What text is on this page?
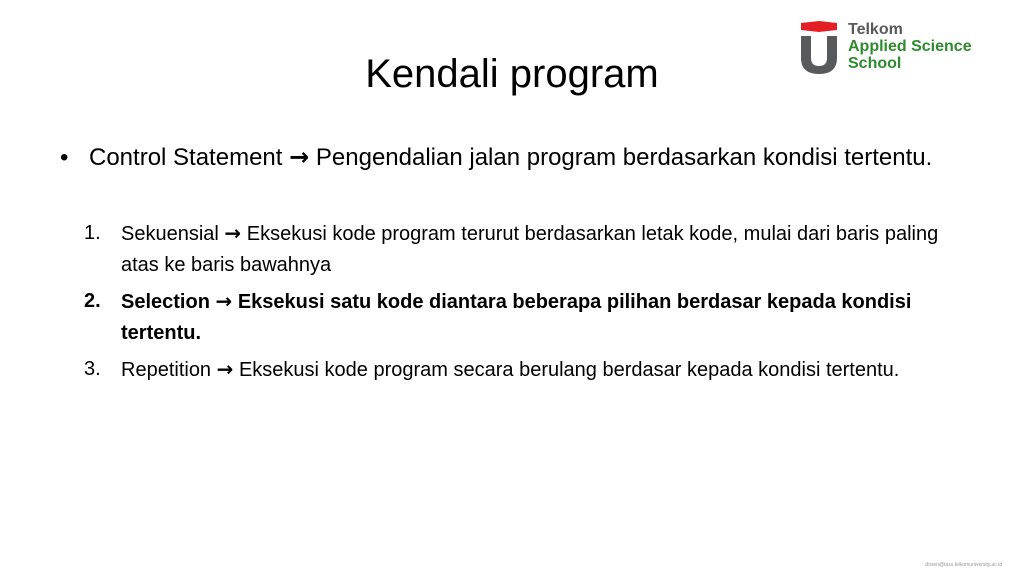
Kendali program
Telkom
Applied Science
School
• Control Statement → Pengendalian jalan program berdasarkan kondisi tertentu.
1. Sekuensial → Eksekusi kode program terurut berdasarkan letak kode, mulai dari baris paling atas ke baris bawahnya
2. Selection → Eksekusi satu kode diantara beberapa pilihan berdasar kepada kondisi tertentu.
3. Repetition → Eksekusi kode program secara berulang berdasar kepada kondisi tertentu.
dosen@tass.telkomuniversity.ac.id
